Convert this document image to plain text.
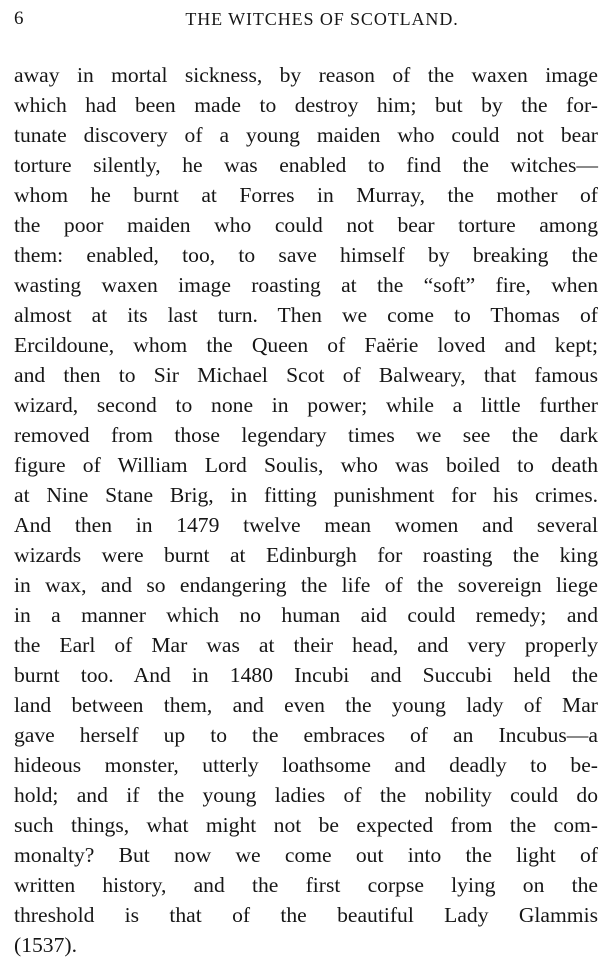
6	THE WITCHES OF SCOTLAND.
away in mortal sickness, by reason of the waxen image
which had been made to destroy him; but by the for-
tunate discovery of a young maiden who could not bear
torture silently, he was enabled to find the witches—
whom he burnt at Forres in Murray, the mother of
the poor maiden who could not bear torture among
them: enabled, too, to save himself by breaking the
wasting waxen image roasting at the “soft” fire, when
almost at its last turn. Then we come to Thomas of
Ercildoune, whom the Queen of Faërie loved and kept;
and then to Sir Michael Scot of Balweary, that famous
wizard, second to none in power; while a little further
removed from those legendary times we see the dark
figure of William Lord Soulis, who was boiled to death
at Nine Stane Brig, in fitting punishment for his crimes.
And then in 1479 twelve mean women and several
wizards were burnt at Edinburgh for roasting the king
in wax, and so endangering the life of the sovereign liege
in a manner which no human aid could remedy; and
the Earl of Mar was at their head, and very properly
burnt too. And in 1480 Incubi and Succubi held the
land between them, and even the young lady of Mar
gave herself up to the embraces of an Incubus—a
hideous monster, utterly loathsome and deadly to be-
hold; and if the young ladies of the nobility could do
such things, what might not be expected from the com-
monalty? But now we come out into the light of
written history, and the first corpse lying on the
threshold is that of the beautiful Lady Glammis
(1537).
